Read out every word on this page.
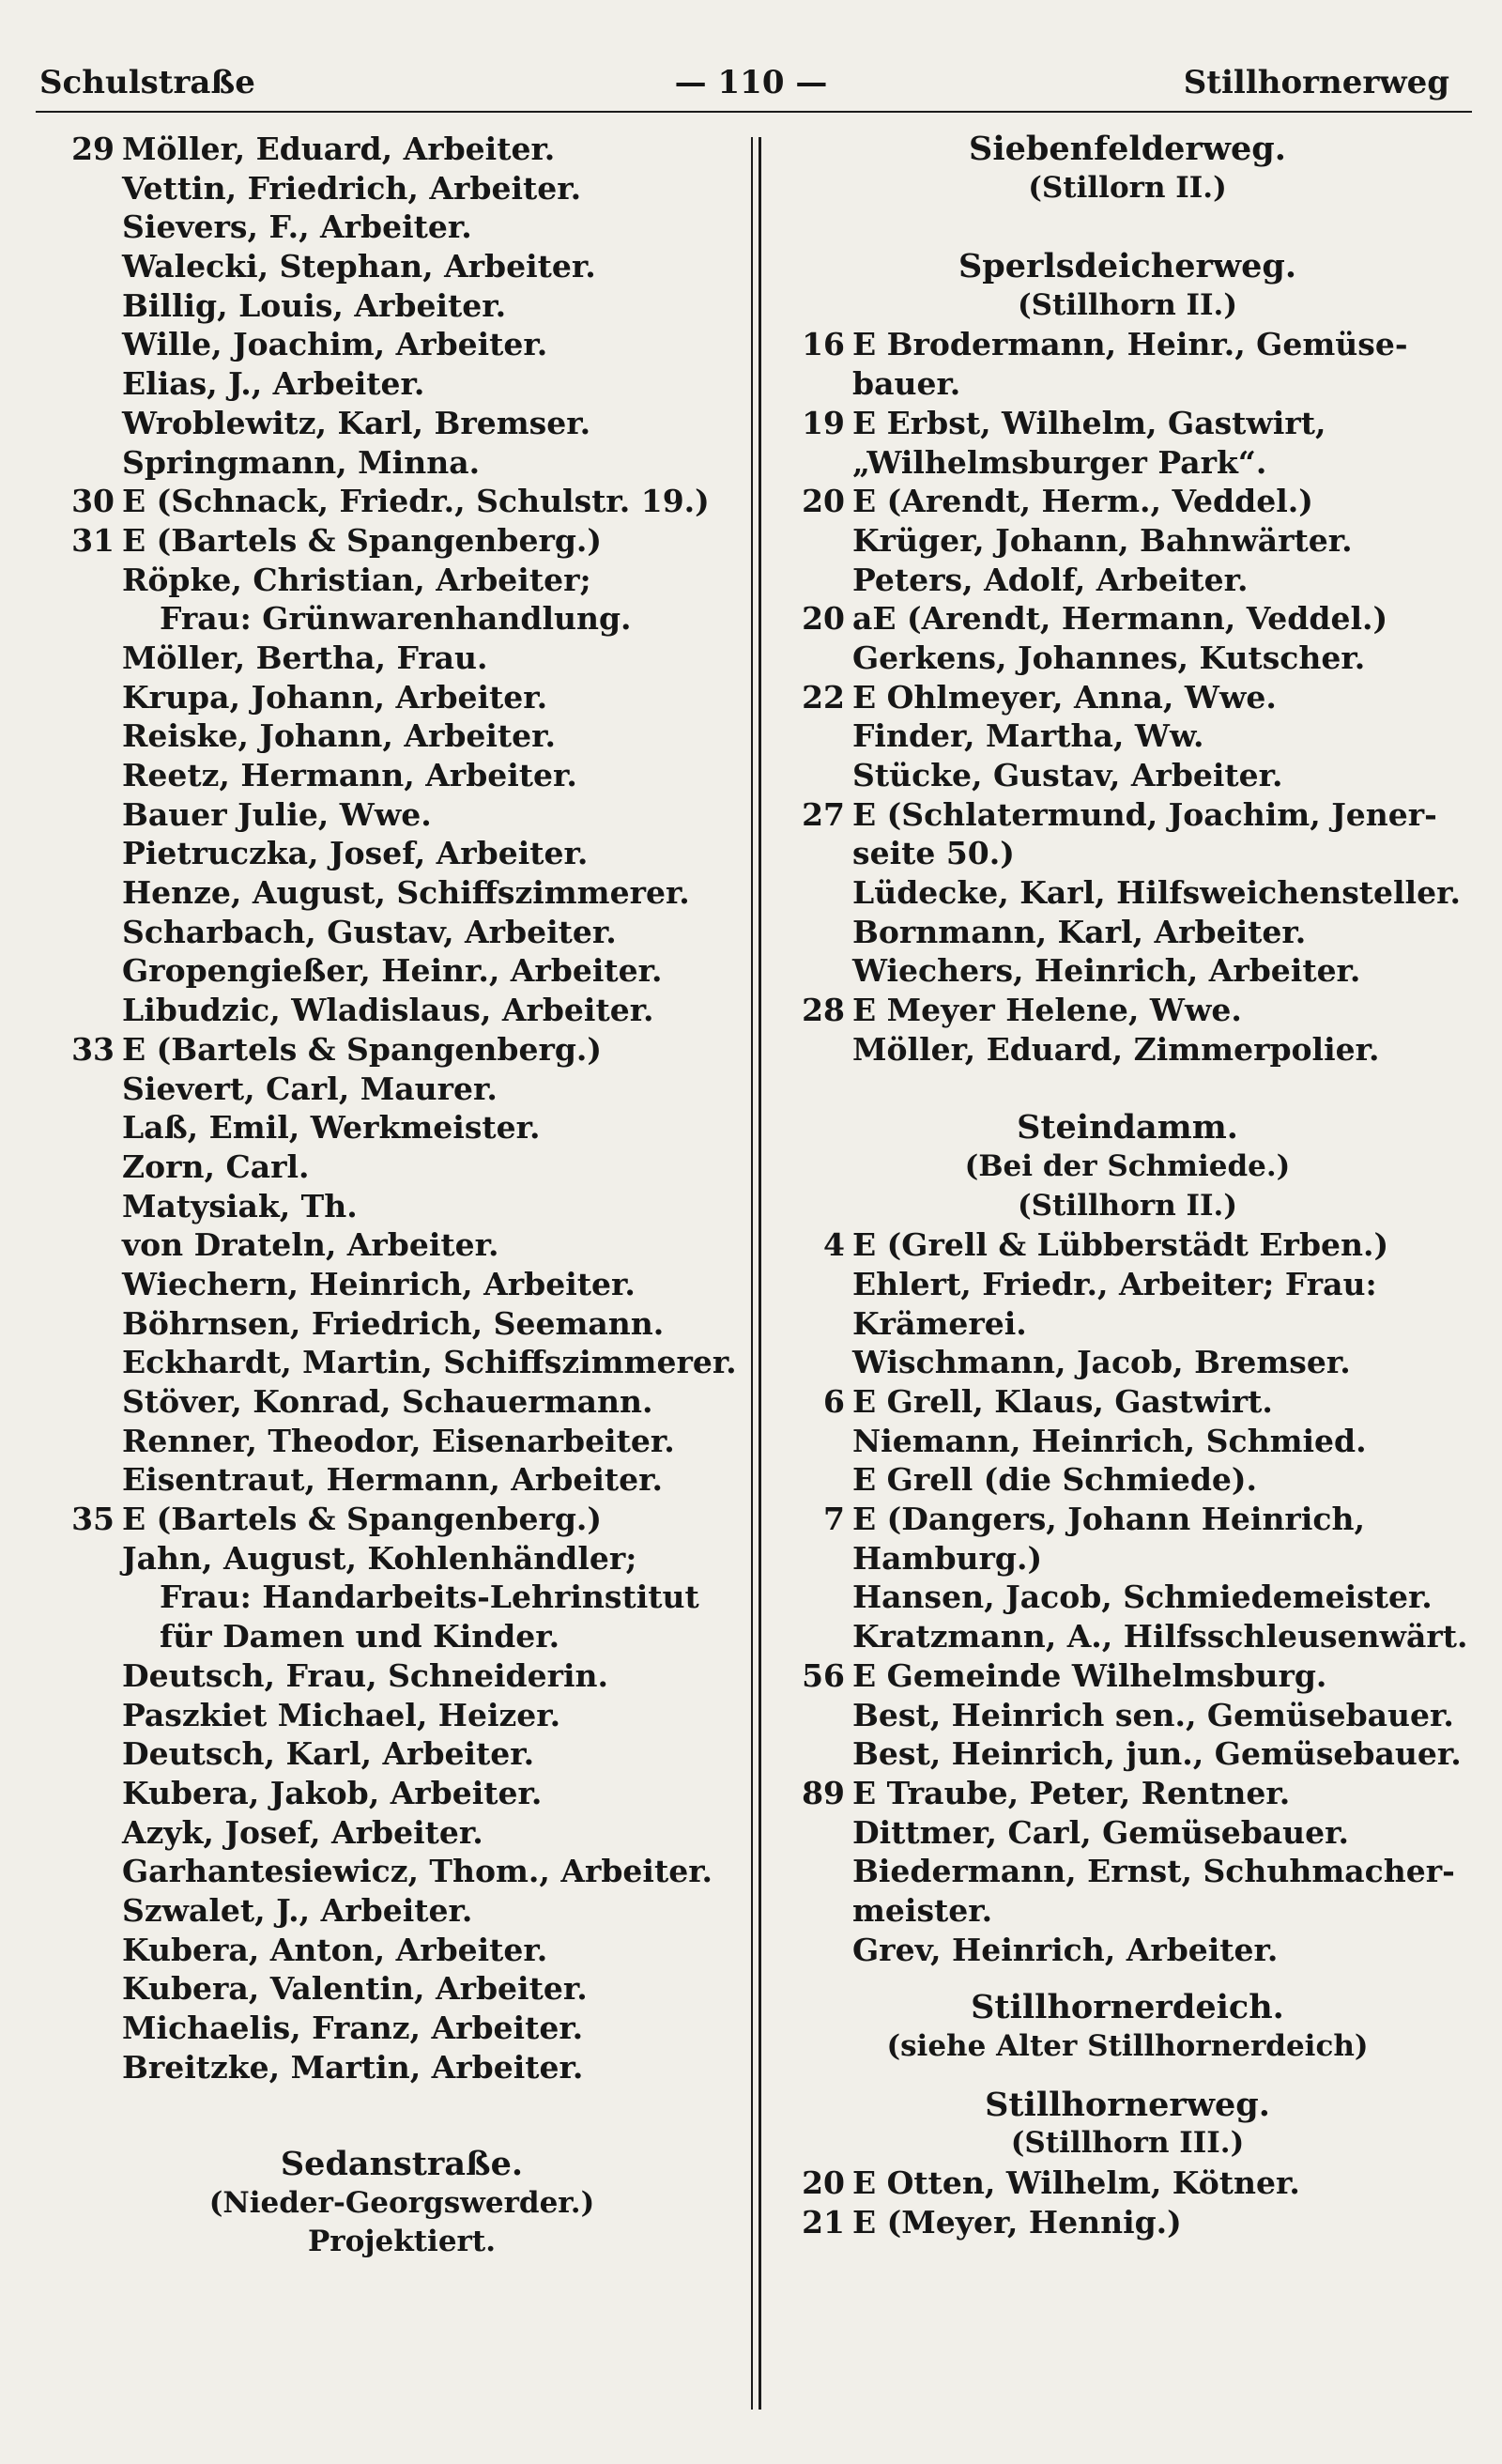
Schulstraße	— 110 —	Stillhornerweg
29 Möller, Eduard, Arbeiter.
Vettin, Friedrich, Arbeiter.
Sievers, F., Arbeiter.
Walecki, Stephan, Arbeiter.
Billig, Louis, Arbeiter.
Wille, Joachim, Arbeiter.
Elias, J., Arbeiter.
Wroblewitz, Karl, Bremser.
Springmann, Minna.
30 E (Schnack, Friedr., Schulstr. 19.)
31 E (Bartels & Spangenberg.)
Röpke, Christian, Arbeiter;
Frau: Grünwarenhandlung.
Möller, Bertha, Frau.
Krupa, Johann, Arbeiter.
Reiske, Johann, Arbeiter.
Reetz, Hermann, Arbeiter.
Bauer Julie, Wwe.
Pietruczka, Josef, Arbeiter.
Henze, August, Schiffszimmerer.
Scharbach, Gustav, Arbeiter.
Gropengießer, Heinr., Arbeiter.
Libudzic, Wladislaus, Arbeiter.
33 E (Bartels & Spangenberg.)
Sievert, Carl, Maurer.
Laß, Emil, Werkmeister.
Zorn, Carl.
Matysiak, Th.
von Drateln, Arbeiter.
Wiechern, Heinrich, Arbeiter.
Böhrnsen, Friedrich, Seemann.
Eckhardt, Martin, Schiffszimmerer.
Stöver, Konrad, Schauermann.
Renner, Theodor, Eisenarbeiter.
Eisentraut, Hermann, Arbeiter.
35 E (Bartels & Spangenberg.)
Jahn, August, Kohlenhändler;
Frau: Handarbeits-Lehrinstitut
für Damen und Kinder.
Deutsch, Frau, Schneiderin.
Paszkiet Michael, Heizer.
Deutsch, Karl, Arbeiter.
Kubera, Jakob, Arbeiter.
Azyk, Josef, Arbeiter.
Garhantesiewicz, Thom., Arbeiter.
Szwalet, J., Arbeiter.
Kubera, Anton, Arbeiter.
Kubera, Valentin, Arbeiter.
Michaelis, Franz, Arbeiter.
Breitzke, Martin, Arbeiter.
Sedanstraße.
(Nieder-Georgswerder.)
Projektiert.
Siebenfelderweg.
(Stillorn II.)
Sperlsdeicherweg.
(Stillhorn II.)
16 E Brodermann, Heinr., Gemüse-
bauer.
19 E Erbst, Wilhelm, Gastwirt,
„Wilhelmsburger Park“.
20 E (Arendt, Herm., Veddel.)
Krüger, Johann, Bahnwärter.
Peters, Adolf, Arbeiter.
20 aE (Arendt, Hermann, Veddel.)
Gerkens, Johannes, Kutscher.
22 E Ohlmeyer, Anna, Wwe.
Finder, Martha, Ww.
Stücke, Gustav, Arbeiter.
27 E (Schlatermund, Joachim, Jener-
seite 50.)
Lüdecke, Karl, Hilfsweichensteller.
Bornmann, Karl, Arbeiter.
Wiechers, Heinrich, Arbeiter.
28 E Meyer Helene, Wwe.
Möller, Eduard, Zimmerpolier.
Steindamm.
(Bei der Schmiede.)
(Stillhorn II.)
4 E (Grell & Lübberstädt Erben.)
Ehlert, Friedr., Arbeiter; Frau:
Krämerei.
Wischmann, Jacob, Bremser.
6 E Grell, Klaus, Gastwirt.
Niemann, Heinrich, Schmied.
E Grell (die Schmiede).
7 E (Dangers, Johann Heinrich,
Hamburg.)
Hansen, Jacob, Schmiedemeister.
Kratzmann, A., Hilfsschleusenwärt.
56 E Gemeinde Wilhelmsburg.
Best, Heinrich sen., Gemüsebauer.
Best, Heinrich, jun., Gemüsebauer.
89 E Traube, Peter, Rentner.
Dittmer, Carl, Gemüsebauer.
Biedermann, Ernst, Schuhmacher-
meister.
Grev, Heinrich, Arbeiter.
Stillhornerdeich.
(siehe Alter Stillhornerdeich)
Stillhornerweg.
(Stillhorn III.)
20 E Otten, Wilhelm, Kötner.
21 E (Meyer, Hennig.)
